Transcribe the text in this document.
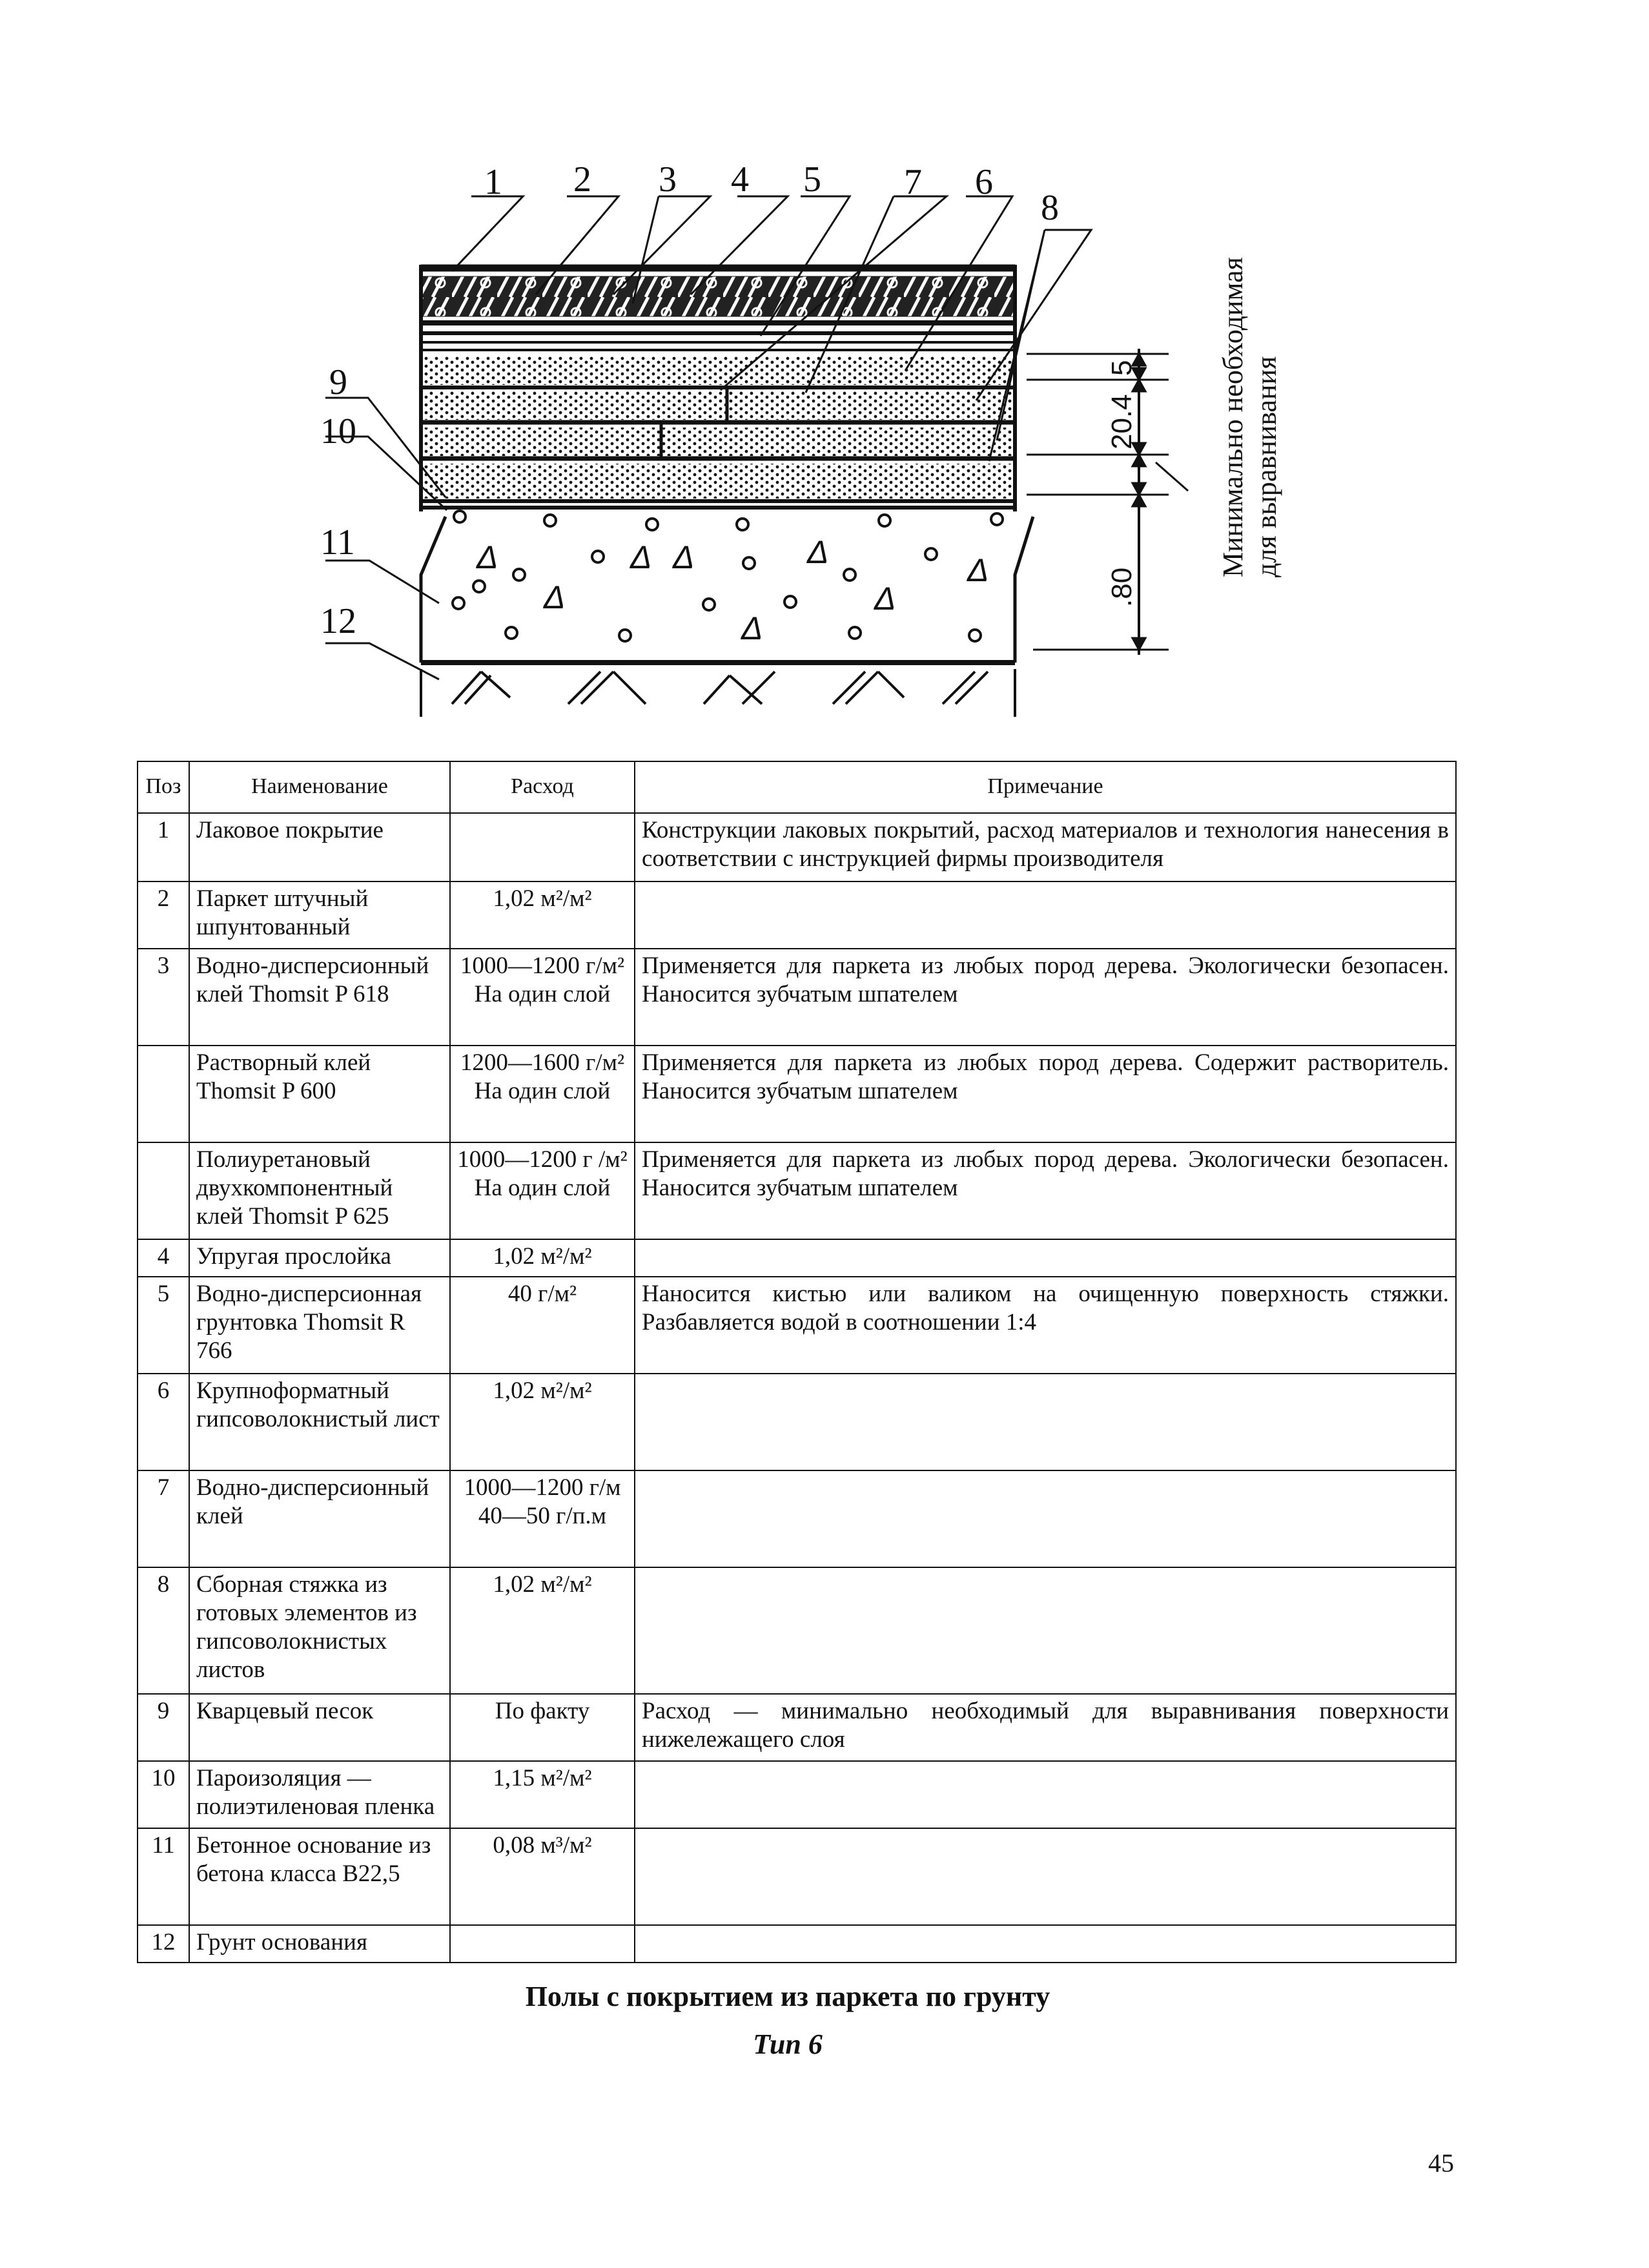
Δ	Δ Δ	Δ	Δ
Δ	Δ
Δ
1 2 3 4 5 7 6
8
9
10
11
12
5
20.4
.80
Минимально необходимая для выравнивания
Поз	Наименование	Расход	Примечание
1	Лаковое покрытие		Конструкции лаковых покрытий, расход материалов и технология нанесения в соответствии с инструкцией фирмы производителя
2	Паркет штучный шпунтованный	1,02 м²/м²	
3	Водно-дисперсионный клей Thomsit P 618	1000—1200 г/м² На один слой	Применяется для паркета из любых пород дерева. Экологически безопасен. Наносится зубчатым шпателем
	Растворный клей Thomsit P 600	1200—1600 г/м² На один слой	Применяется для паркета из любых пород дерева. Содержит растворитель. Наносится зубчатым шпателем
	Полиуретановый двухкомпонентный клей Thomsit P 625	1000—1200 г /м² На один слой	Применяется для паркета из любых пород дерева. Экологически безопасен. Наносится зубчатым шпателем
4	Упругая прослойка	1,02 м²/м²	
5	Водно-дисперсионная грунтовка Thomsit R 766	40 г/м²	Наносится кистью или валиком на очищенную поверхность стяжки. Разбавляется водой в соотношении 1:4
6	Крупноформатный гипсоволокнистый лист	1,02 м²/м²	
7	Водно-дисперсионный клей	1000—1200 г/м 40—50 г/п.м	
8	Сборная стяжка из готовых элементов из гипсоволокнистых листов	1,02 м²/м²	
9	Кварцевый песок	По факту	Расход — минимально необходимый для выравнивания поверхности нижележащего слоя
10	Пароизоляция — полиэтиленовая пленка	1,15 м²/м²	
11	Бетонное основание из бетона класса B22,5	0,08 м³/м²	
12	Грунт основания		
Полы с покрытием из паркета по грунту
Тип 6
45
